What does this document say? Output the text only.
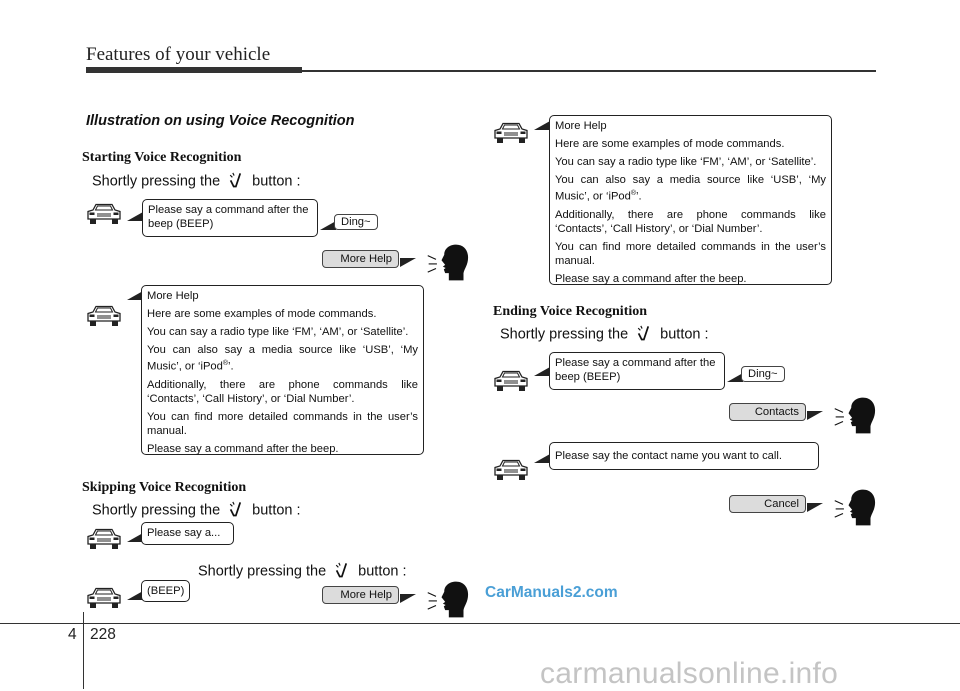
Features of your vehicle
Illustration on using Voice Recognition
Starting Voice Recognition
Shortly pressing the button :
Please say a command after the beep (BEEP)	Ding~
More Help

More Help

Here are some examples of mode commands.

You can say a radio type like ‘FM’, ‘AM’, or ‘Satellite’.

You can also say a media source like ‘USB’, ‘My Music’, or ‘iPod®’.

Additionally, there are phone commands like ‘Contacts’, ‘Call History’, or ‘Dial Number’.

You can find more detailed commands in the user’s manual.

Please say a command after the beep.

Skipping Voice Recognition
Shortly pressing the button :
Please say a...
Shortly pressing the button :
(BEEP)	More Help

More Help

Here are some examples of mode commands.

You can say a radio type like ‘FM’, ‘AM’, or ‘Satellite’.

You can also say a media source like ‘USB’, ‘My Music’, or ‘iPod®’.

Additionally, there are phone commands like ‘Contacts’, ‘Call History’, or ‘Dial Number’.

You can find more detailed commands in the user’s manual.

Please say a command after the beep.

Ending Voice Recognition
Shortly pressing the button :
Please say a command after the beep (BEEP)	Ding~
Contacts
Please say the contact name you want to call.
Cancel
CarManuals2.com
4 228
carmanualsonline.info
